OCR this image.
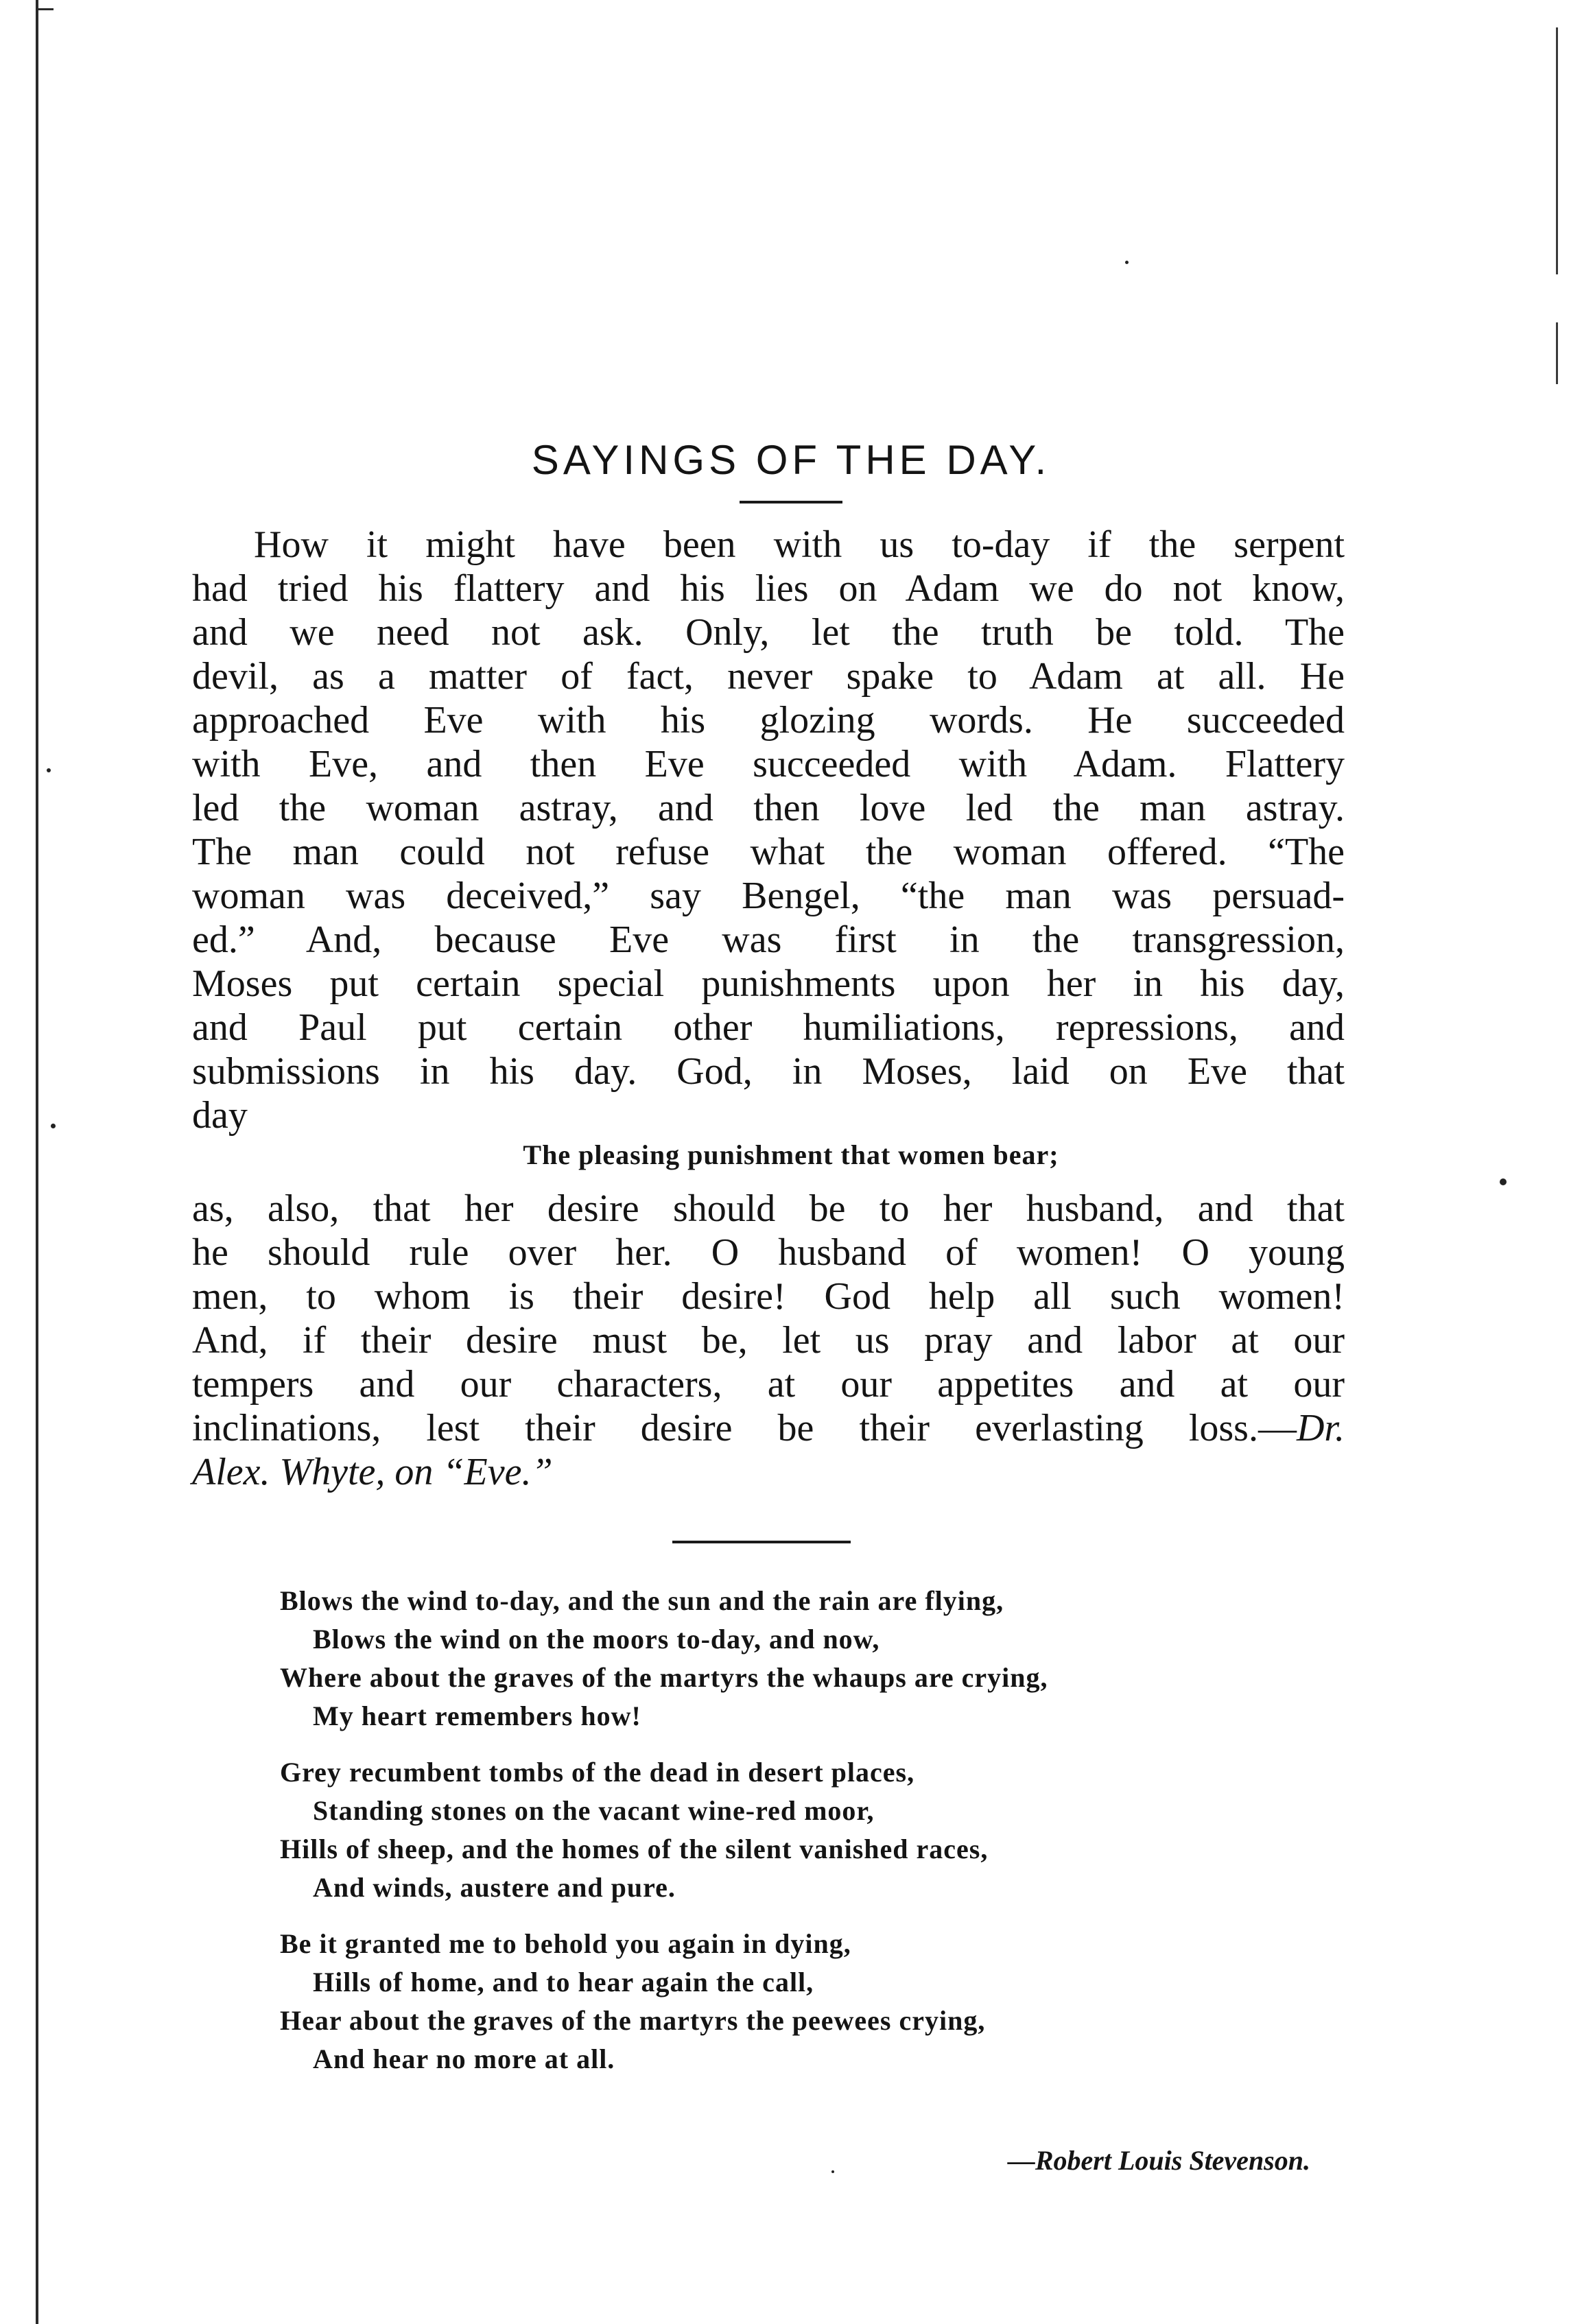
SAYINGS OF THE DAY.
How it might have been with us to-day if the serpent
had tried his flattery and his lies on Adam we do not know,
and we need not ask. Only, let the truth be told. The
devil, as a matter of fact, never spake to Adam at all. He
approached Eve with his glozing words. He succeeded
with Eve, and then Eve succeeded with Adam. Flattery
led the woman astray, and then love led the man astray.
The man could not refuse what the woman offered. “The
woman was deceived,” say Bengel, “the man was persuad-
ed.” And, because Eve was first in the transgression,
Moses put certain special punishments upon her in his day,
and Paul put certain other humiliations, repressions, and
submissions in his day. God, in Moses, laid on Eve that
day
The pleasing punishment that women bear;
as, also, that her desire should be to her husband, and that
he should rule over her. O husband of women! O young
men, to whom is their desire! God help all such women!
And, if their desire must be, let us pray and labor at our
tempers and our characters, at our appetites and at our
inclinations, lest their desire be their everlasting loss.—Dr.
Alex. Whyte, on “Eve.”
Blows the wind to-day, and the sun and the rain are flying,
Blows the wind on the moors to-day, and now,
Where about the graves of the martyrs the whaups are crying,
My heart remembers how!
Grey recumbent tombs of the dead in desert places,
Standing stones on the vacant wine-red moor,
Hills of sheep, and the homes of the silent vanished races,
And winds, austere and pure.
Be it granted me to behold you again in dying,
Hills of home, and to hear again the call,
Hear about the graves of the martyrs the peewees crying,
And hear no more at all.
—Robert Louis Stevenson.
